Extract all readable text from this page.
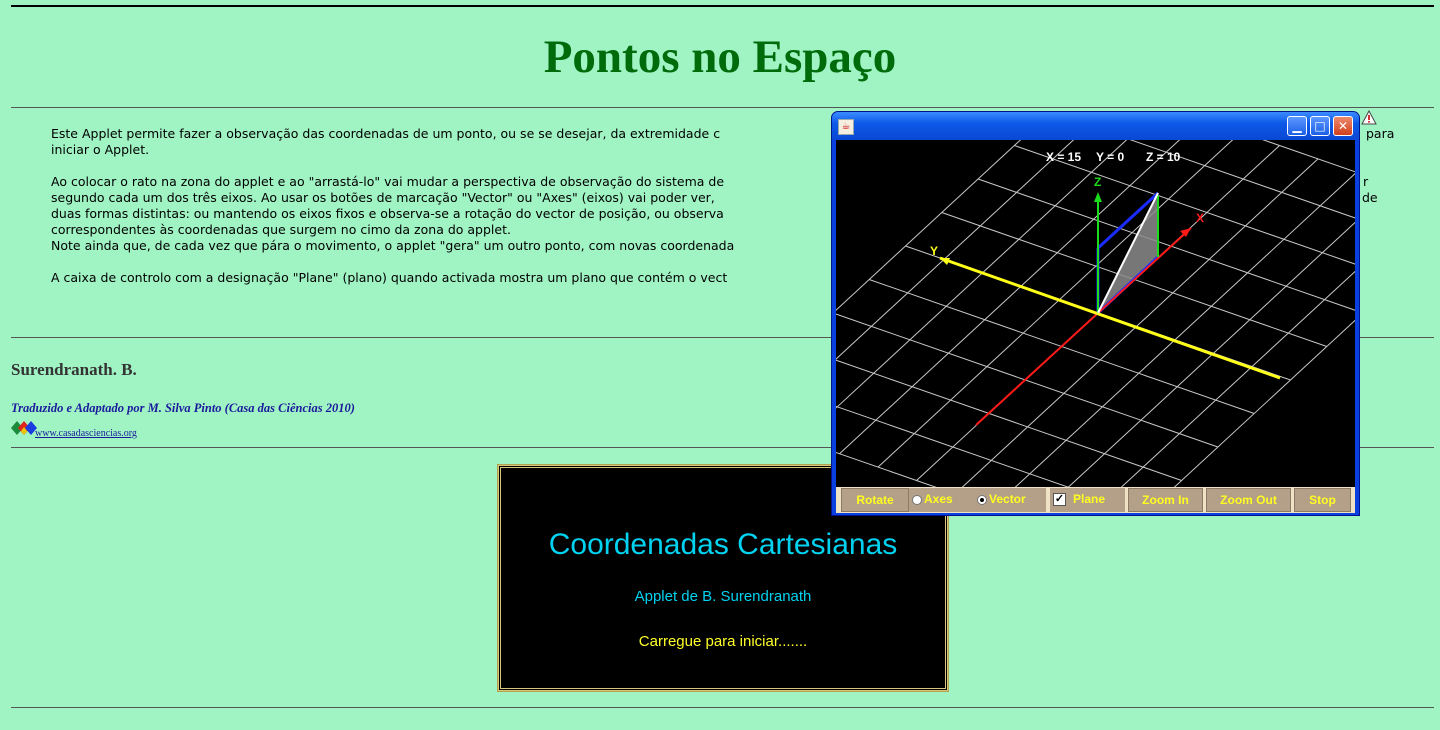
Pontos no Espaço
Este Applet permite fazer a observação das coordenadas de um ponto, ou se se desejar, da extremidade c
iniciar o Applet.
para
Ao colocar o rato na zona do applet e ao "arrastá-lo" vai mudar a perspectiva de observação do sistema de
segundo cada um dos três eixos. Ao usar os botões de marcação "Vector" ou "Axes" (eixos) vai poder ver,
duas formas distintas: ou mantendo os eixos fixos e observa-se a rotação do vector de posição, ou observa
correspondentes às coordenadas que surgem no cimo da zona do applet.
Note ainda que, de cada vez que pára o movimento, o applet "gera" um outro ponto, com novas coordenada
r
de
A caixa de controlo com a designação "Plane" (plano) quando activada mostra um plano que contém o vect

Surendranath. B.

Traduzido e Adaptado por M. Silva Pinto (Casa das Ciências 2010)
www.casadasciencias.org
Coordenadas Cartesianas
Applet de B. Surendranath
Carregue para iniciar.......
☕	▁	□	✕
X
Y
Z
X = 15 Y = 0 Z = 10
Rotate	Axes	Vector	✓ Plane	Zoom In	Zoom Out	Stop
